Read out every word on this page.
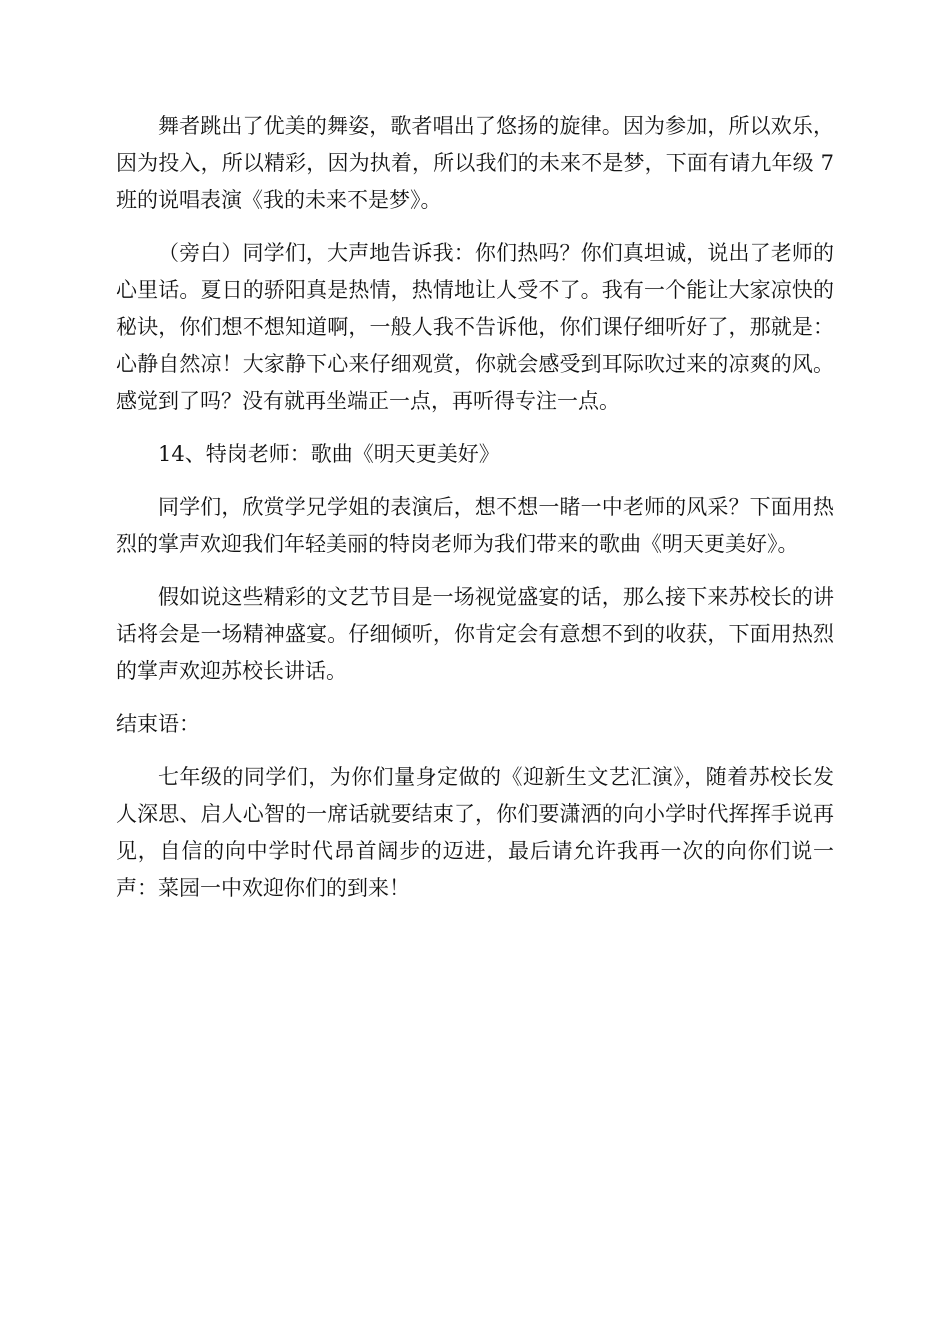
舞者跳出了优美的舞姿，歌者唱出了悠扬的旋律。因为参加，所以欢乐，因为投入，所以精彩，因为执着，所以我们的未来不是梦，下面有请九年级 7 班的说唱表演《我的未来不是梦》。

（旁白）同学们，大声地告诉我：你们热吗？你们真坦诚，说出了老师的心里话。夏日的骄阳真是热情，热情地让人受不了。我有一个能让大家凉快的秘诀，你们想不想知道啊，一般人我不告诉他，你们课仔细听好了，那就是：心静自然凉！大家静下心来仔细观赏，你就会感受到耳际吹过来的凉爽的风。感觉到了吗？没有就再坐端正一点，再听得专注一点。

14、特岗老师：歌曲《明天更美好》

同学们，欣赏学兄学姐的表演后，想不想一睹一中老师的风采？下面用热烈的掌声欢迎我们年轻美丽的特岗老师为我们带来的歌曲《明天更美好》。

假如说这些精彩的文艺节目是一场视觉盛宴的话，那么接下来苏校长的讲话将会是一场精神盛宴。仔细倾听，你肯定会有意想不到的收获，下面用热烈的掌声欢迎苏校长讲话。

结束语：

七年级的同学们，为你们量身定做的《迎新生文艺汇演》，随着苏校长发人深思、启人心智的一席话就要结束了，你们要潇洒的向小学时代挥挥手说再见，自信的向中学时代昂首阔步的迈进，最后请允许我再一次的向你们说一声：菜园一中欢迎你们的到来！
